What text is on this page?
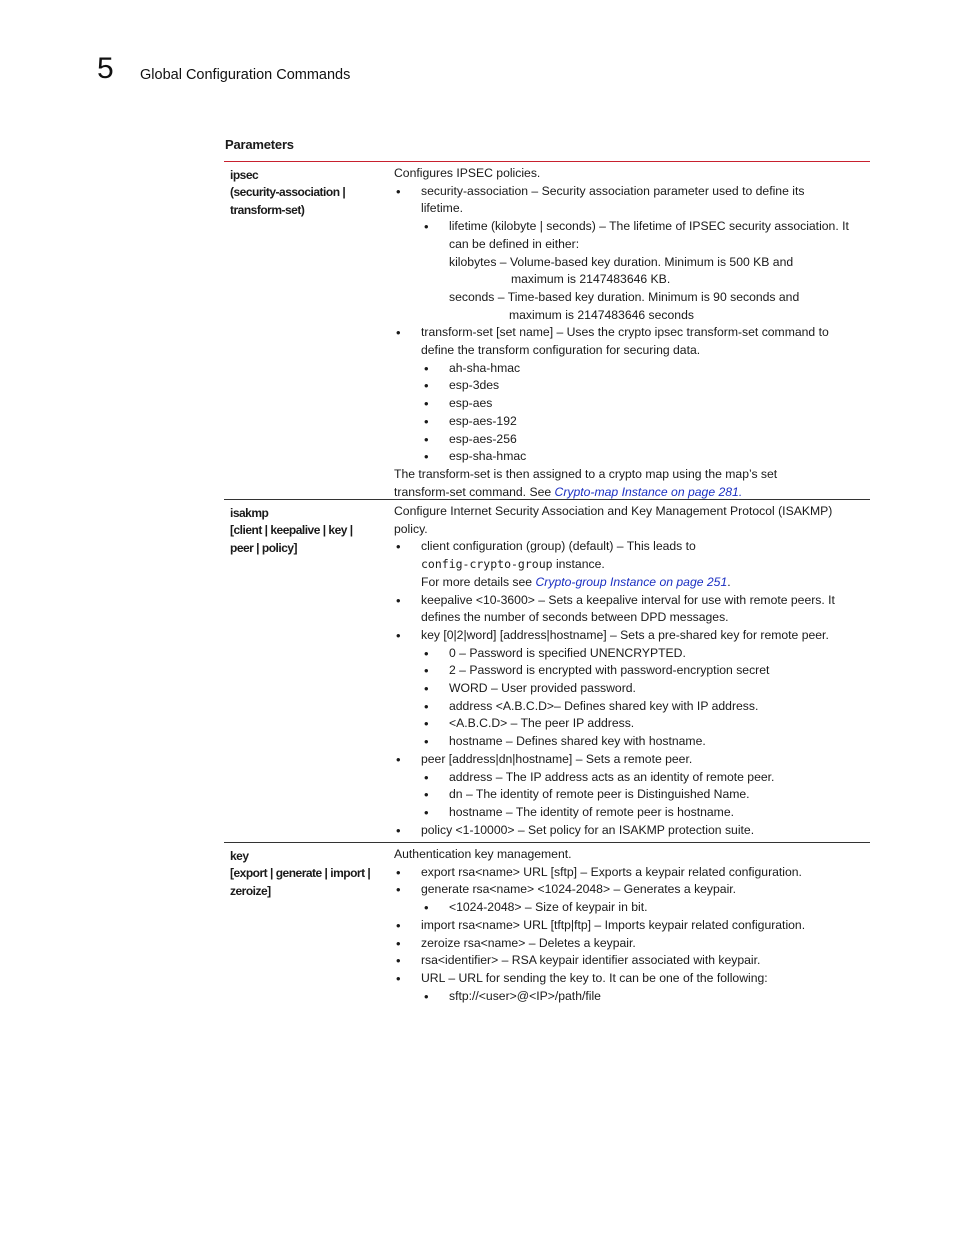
5 Global Configuration Commands
Parameters
ipsec
(security-association |
transform-set)

Configures IPSEC policies.

• security-association – Security association parameter used to define its
lifetime.
• lifetime (kilobyte | seconds) – The lifetime of IPSEC security association. It
can be defined in either:

kilobytes – Volume-based key duration. Minimum is 500 KB and

maximum is 2147483646 KB.

seconds – Time-based key duration. Minimum is 90 seconds and

maximum is 2147483646 seconds

• transform-set [set name] – Uses the crypto ipsec transform-set command to
define the transform configuration for securing data.
• ah-sha-hmac
• esp-3des
• esp-aes
• esp-aes-192
• esp-aes-256
• esp-sha-hmac

The transform-set is then assigned to a crypto map using the map’s set

transform-set command. See Crypto-map Instance on page 281.

isakmp
[client | keepalive | key |
peer | policy]

Configure Internet Security Association and Key Management Protocol (ISAKMP)

policy.

• client configuration (group) (default) – This leads to
config-crypto-group instance.
For more details see Crypto-group Instance on page 251.
• keepalive <10-3600> – Sets a keepalive interval for use with remote peers. It
defines the number of seconds between DPD messages.
• key [0|2|word] [address|hostname] – Sets a pre-shared key for remote peer.
• 0 – Password is specified UNENCRYPTED.
• 2 – Password is encrypted with password-encryption secret
• WORD – User provided password.
• address <A.B.C.D>– Defines shared key with IP address.
• <A.B.C.D> – The peer IP address.
• hostname – Defines shared key with hostname.
• peer [address|dn|hostname] – Sets a remote peer.
• address – The IP address acts as an identity of remote peer.
• dn – The identity of remote peer is Distinguished Name.
• hostname – The identity of remote peer is hostname.
• policy <1-10000> – Set policy for an ISAKMP protection suite.
key
[export | generate | import |
zeroize]

Authentication key management.

• export rsa<name> URL [sftp] – Exports a keypair related configuration.
• generate rsa<name> <1024-2048> – Generates a keypair.
• <1024-2048> – Size of keypair in bit.
• import rsa<name> URL [tftp|ftp] – Imports keypair related configuration.
• zeroize rsa<name> – Deletes a keypair.
• rsa<identifier> – RSA keypair identifier associated with keypair.
• URL – URL for sending the key to. It can be one of the following:
• sftp://<user>@<IP>/path/file
